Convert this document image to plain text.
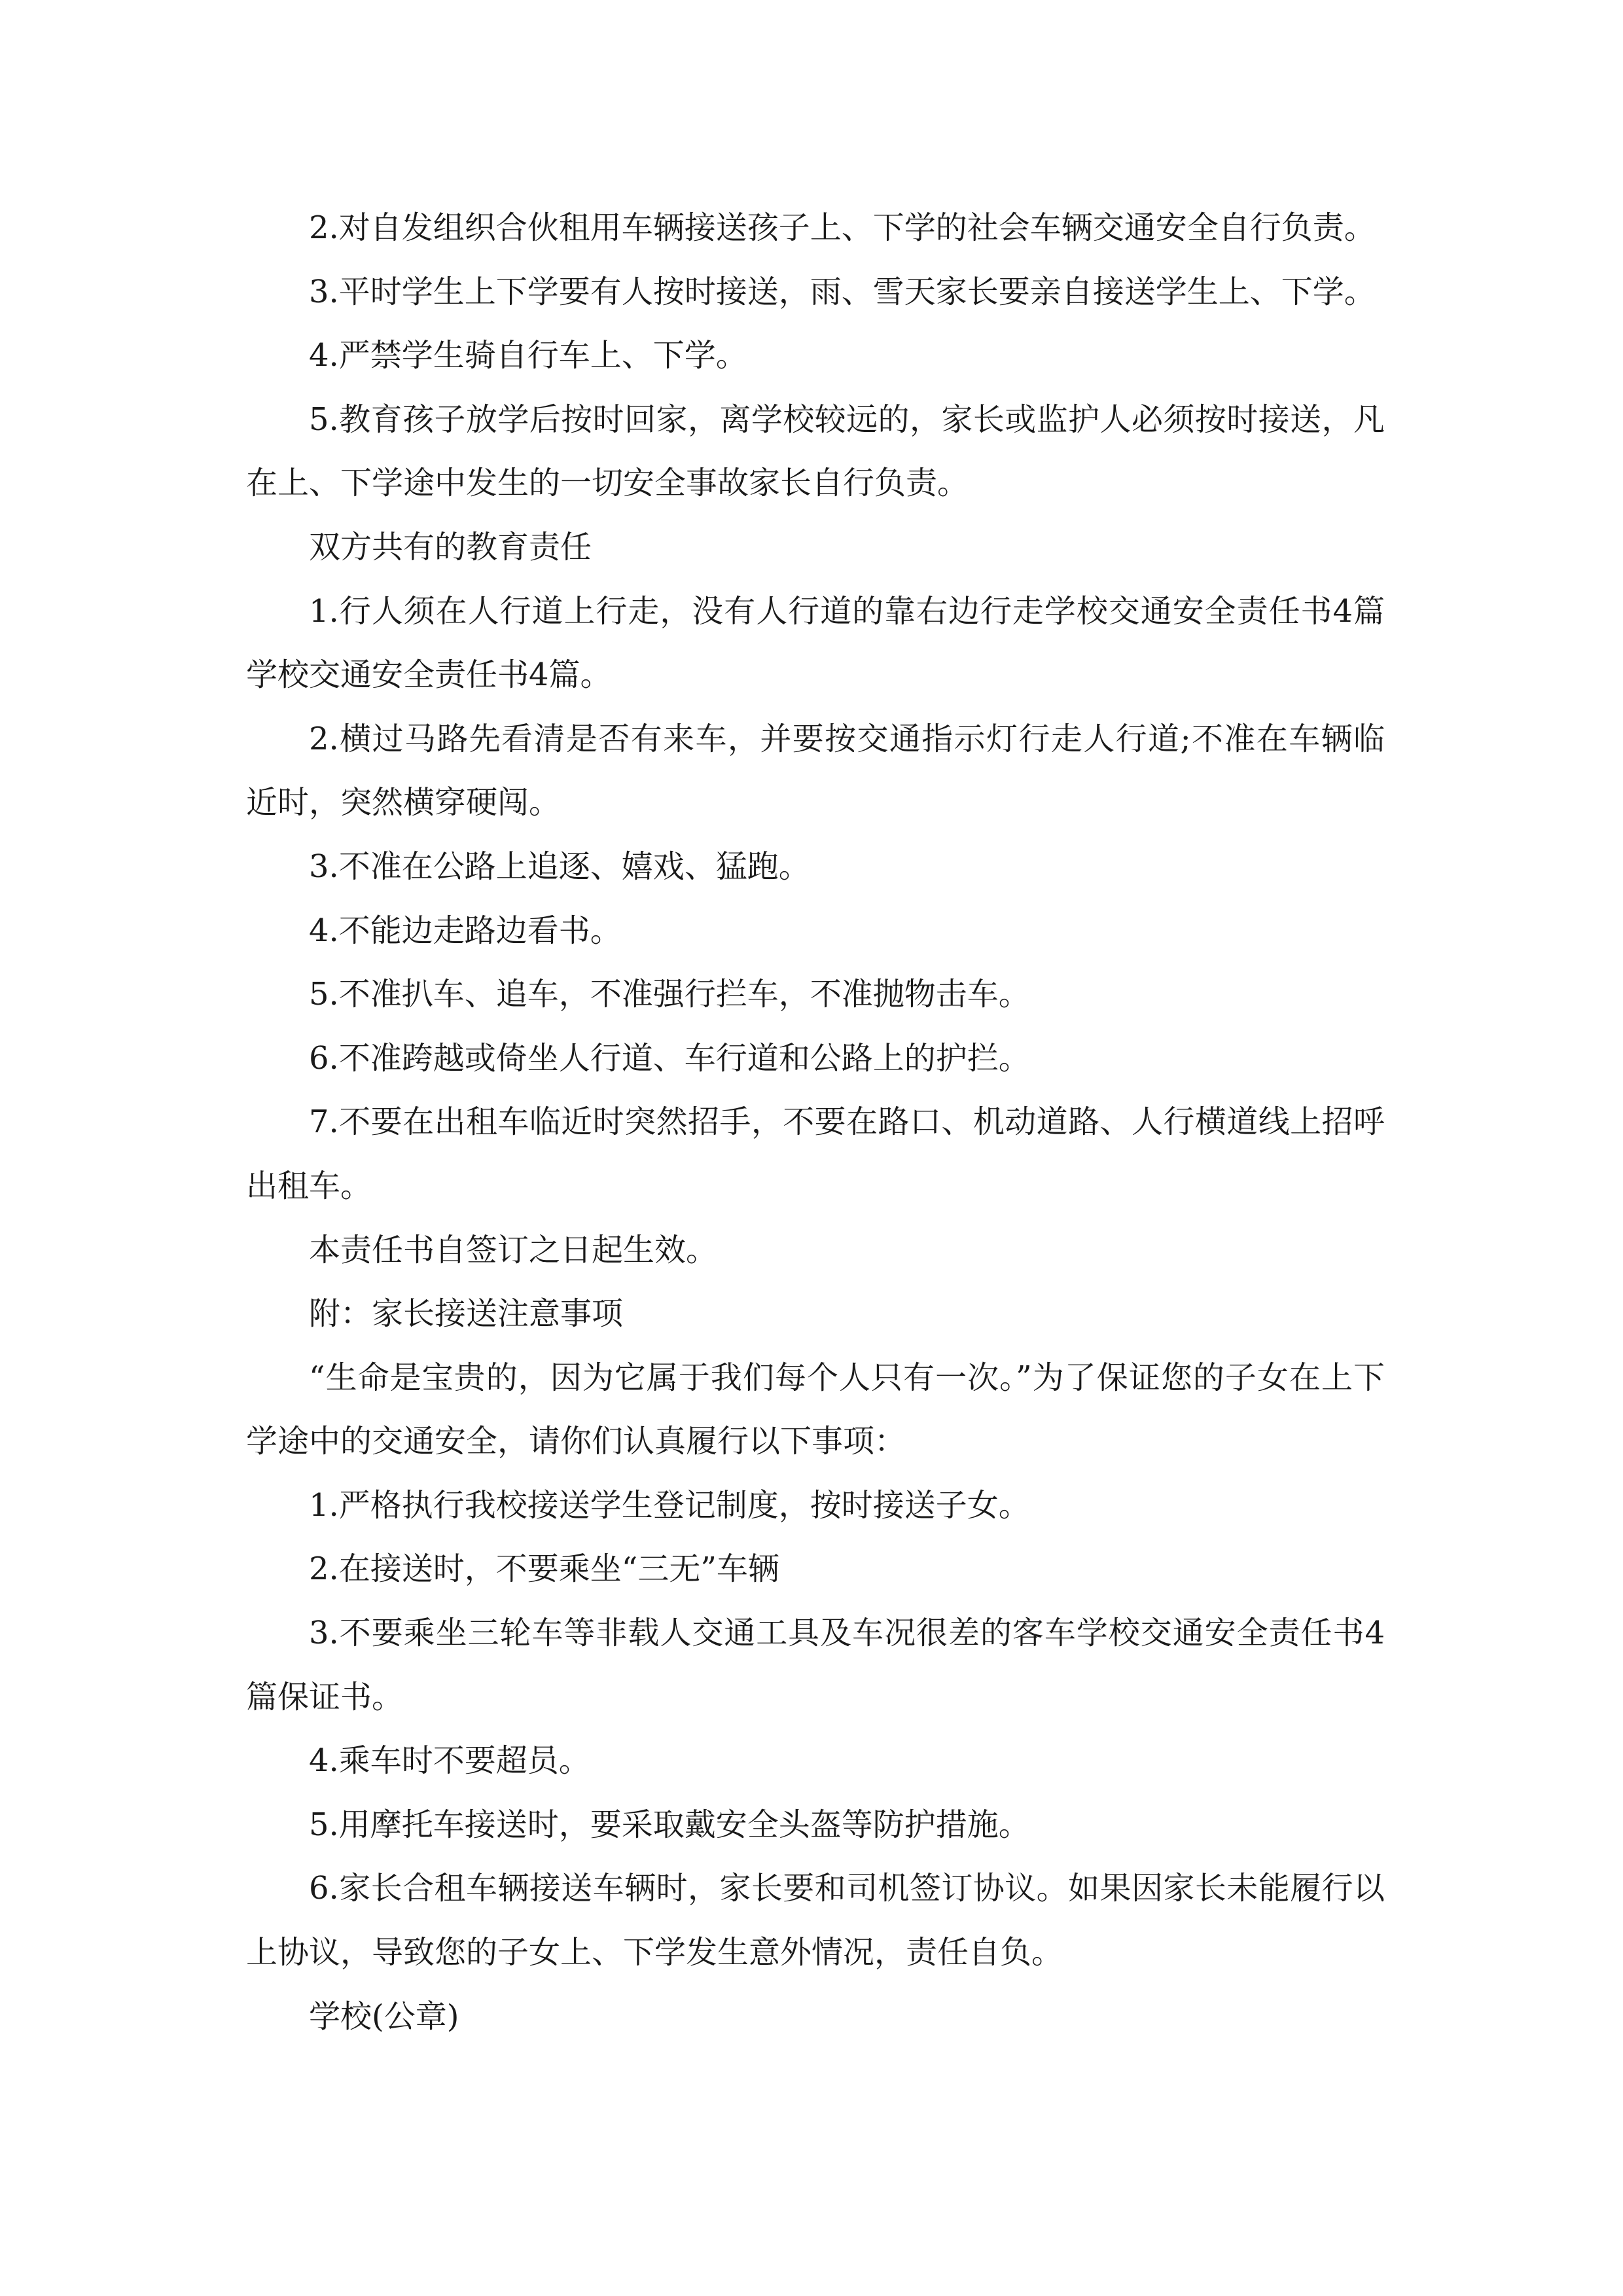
2.对自发组织合伙租用车辆接送孩子上、下学的社会车辆交通安全自行负责。

3.平时学生上下学要有人按时接送，雨、雪天家长要亲自接送学生上、下学。

4.严禁学生骑自行车上、下学。

5.教育孩子放学后按时回家，离学校较远的，家长或监护人必须按时接送，凡在上、下学途中发生的一切安全事故家长自行负责。

双方共有的教育责任

1.行人须在人行道上行走，没有人行道的靠右边行走学校交通安全责任书4篇学校交通安全责任书4篇。

2.横过马路先看清是否有来车，并要按交通指示灯行走人行道;不准在车辆临近时，突然横穿硬闯。

3.不准在公路上追逐、嬉戏、猛跑。

4.不能边走路边看书。

5.不准扒车、追车，不准强行拦车，不准抛物击车。

6.不准跨越或倚坐人行道、车行道和公路上的护拦。

7.不要在出租车临近时突然招手，不要在路口、机动道路、人行横道线上招呼出租车。

本责任书自签订之日起生效。

附：家长接送注意事项

“生命是宝贵的，因为它属于我们每个人只有一次。”为了保证您的子女在上下学途中的交通安全，请你们认真履行以下事项：

1.严格执行我校接送学生登记制度，按时接送子女。

2.在接送时，不要乘坐“三无”车辆

3.不要乘坐三轮车等非载人交通工具及车况很差的客车学校交通安全责任书4篇保证书。

4.乘车时不要超员。

5.用摩托车接送时，要采取戴安全头盔等防护措施。

6.家长合租车辆接送车辆时，家长要和司机签订协议。如果因家长未能履行以上协议，导致您的子女上、下学发生意外情况，责任自负。

学校(公章)
